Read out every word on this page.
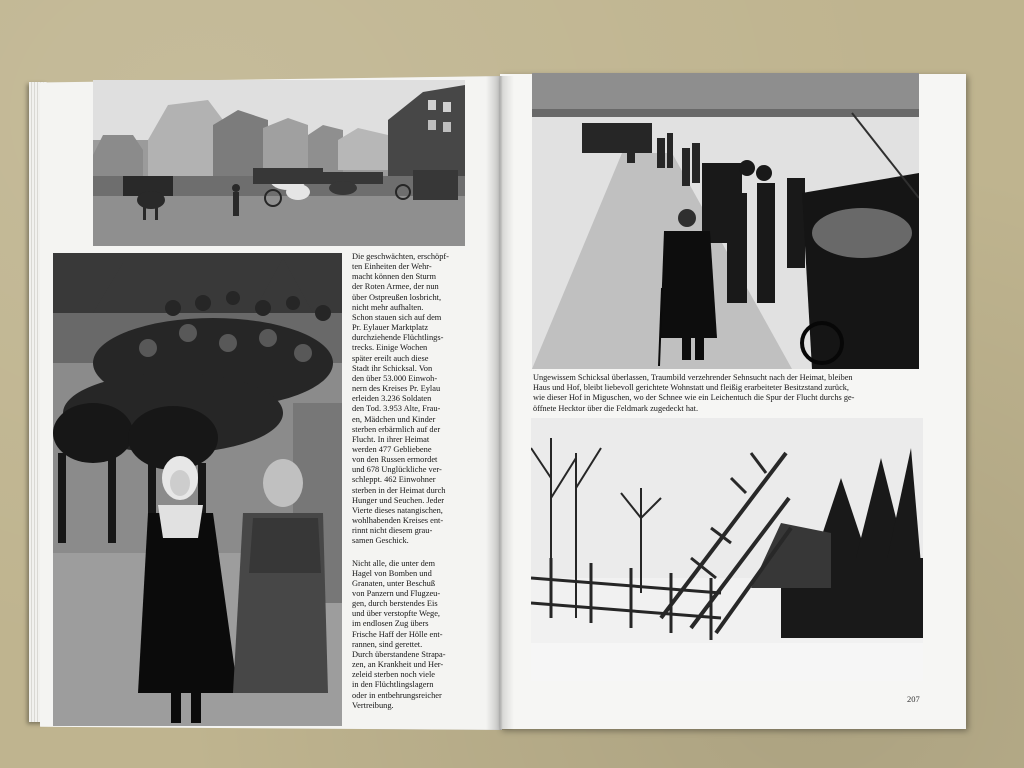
Die geschwächten, erschöpf-
ten Einheiten der Wehr-
macht können den Sturm
der Roten Armee, der nun
über Ostpreußen losbricht,
nicht mehr aufhalten.
Schon stauen sich auf dem
Pr. Eylauer Marktplatz
durchziehende Flüchtlings-
trecks. Einige Wochen
später ereilt auch diese
Stadt ihr Schicksal. Von
den über 53.000 Einwoh-
nern des Kreises Pr. Eylau
erleiden 3.236 Soldaten
den Tod. 3.953 Alte, Frau-
en, Mädchen und Kinder
sterben erbärmlich auf der
Flucht. In ihrer Heimat
werden 477 Gebliebene
von den Russen ermordet
und 678 Unglückliche ver-
schleppt. 462 Einwohner
sterben in der Heimat durch
Hunger und Seuchen. Jeder
Vierte dieses natangischen,
wohlhabenden Kreises ent-
rinnt nicht diesem grau-
samen Geschick.

Nicht alle, die unter dem
Hagel von Bomben und
Granaten, unter Beschuß
von Panzern und Flugzeu-
gen, durch berstendes Eis
und über verstopfte Wege,
im endlosen Zug übers
Frische Haff der Hölle ent-
rannen, sind gerettet.
Durch überstandene Strapa-
zen, an Krankheit und Her-
zeleid sterben noch viele
in den Flüchtlingslagern
oder in entbehrungsreicher
Vertreibung.

Ungewissem Schicksal überlassen, Traumbild verzehrender Sehnsucht nach der Heimat, bleiben
Haus und Hof, bleibt liebevoll gerichtete Wohnstatt und fleißig erarbeiteter Besitzstand zurück,
wie dieser Hof in Miguschen, wo der Schnee wie ein Leichentuch die Spur der Flucht durchs ge-
öffnete Hecktor über die Feldmark zugedeckt hat.
207
